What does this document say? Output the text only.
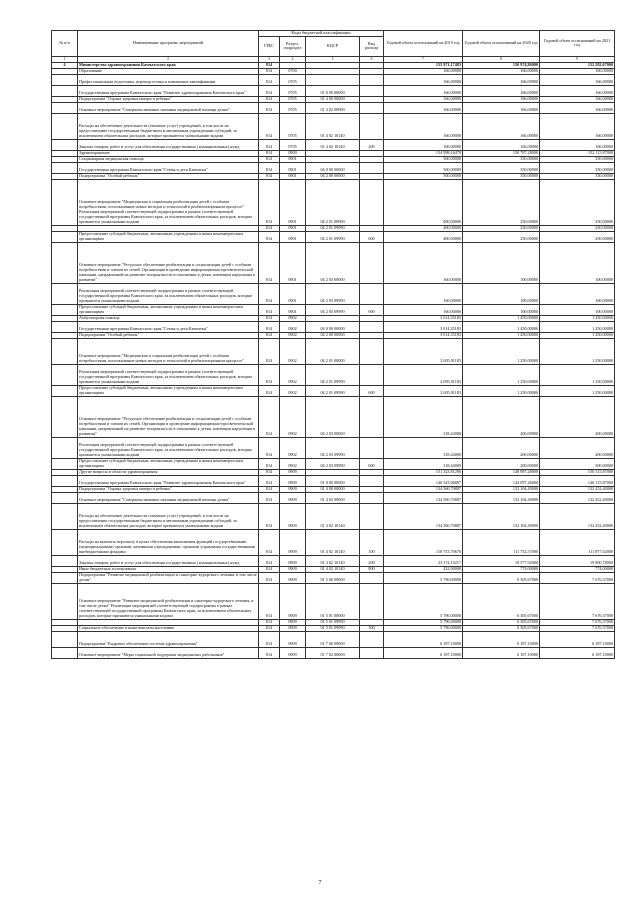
№ п/п	Наименование программ, мероприятий	Коды бюджетной классификации				Годовой объем ассигнований на 2019 год	Годовой объем ассигнований на 2020 год	Годовой объем ассигнований на 2021 год
		ГРБС	Раздел, подраздел	КЦСР	Вид расхода			
1	2	3	4	5	6	7	8	9
4	Министерство здравоохранения Камчатского края	814				155 971,17483	150 974,86000	152 292,67000
	Образование	814	0700			166,00000	166,00000	166,00000
	Профессиональная подготовка, переподготовка и повышение квалификации	814	0705			166,00000	166,00000	166,00000
	Государственная программа Камчатского края "Развитие здравоохранения Камчатского края"	814	0705	01 0 00 00000		166,00000	166,00000	166,00000
	Подпрограмма "Охрана здоровья матери и ребенка"	814	0705	01 4 00 00000		166,00000	166,00000	166,00000
	Основное мероприятие "Совершенствование оказания медицинской помощи детям"	814	0705	01 4 02 00000		166,00000	166,00000	166,00000
	Расходы на обеспечение деятельности (оказание услуг) учреждений, в том числе на предоставление государственным бюджетным и автономным учреждениям субсидий, за исключением обязательных расходов, которые признаются уникальными кодами	814	0705	01 4 02 10140		166,00000	166,00000	166,00000
	Закупка товаров, работ и услуг для обеспечения государственных (муниципальных) нужд	814	0705	01 4 02 10140	200	166,00000	166,00000	166,00000
	Здравоохранение	814	0900			154 998,16479	150 787,28000	152 115,87000
	Стационарная медицинская помощь	814	0901			560,00000	350,00000	350,00000
	Государственная программа Камчатского края "Семья и дети Камчатки"	814	0901	04 0 00 00000		560,00000	350,00000	350,00000
	Подпрограмма "Особый ребенок"	814	0901	04 2 00 00000		560,00000	350,00000	350,00000
	Основное мероприятие "Медицинская и социальная реабилитация детей с особыми потребностями, использование новых методов и технологий в реабилитационном процессе" Реализация мероприятий соответствующей подпрограммы в рамках соответствующей государственной программы Камчатского края, за исключением обязательных расходов, которые признаются уникальными кодами	814	0901	04 2 01 00000		400,00000	250,00000	250,00000
		814	0901	04 2 01 09990		400,00000	250,00000	250,00000
	Предоставление субсидий бюджетным, автономным учреждениям и иным некоммерческим организациям	814	0901	04 2 01 09990	600	400,00000	250,00000	250,00000
	Основное мероприятие "Ресурсное обеспечение реабилитации и социализации детей с особыми потребностями и членов их семей. Организация и проведение информационно-просветительской кампании, направленной на развитие толерантности в отношении к детям, имеющим нарушения в развитии"	814	0901	04 2 03 00000		160,00000	100,00000	100,00000
	Реализация мероприятий соответствующей подпрограммы в рамках соответствующей государственной программы Камчатского края, за исключением обязательных расходов, которые признаются уникальными кодами	814	0901	04 2 03 09990		160,00000	100,00000	100,00000
	Предоставление субсидий бюджетным, автономным учреждениям и иным некоммерческим организациям	814	0901	04 2 03 09990	600	160,00000	100,00000	100,00000
	Амбулаторная помощь	814	0902			3 014,35183	1 450,00000	1 450,00000
	Государственная программа Камчатского края "Семья и дети Камчатки"	814	0902	04 0 00 00000		3 014,35183	1 450,00000	1 450,00000
	Подпрограмма "Особый ребенок"	814	0902	04 2 00 00000		3 014,35183	1 450,00000	1 450,00000
	Основное мероприятие "Медицинская и социальная реабилитация детей с особыми потребностями, использование новых методов и технологий в реабилитационном процессе"	814	0902	04 2 01 00000		2 695,91183	1 250,00000	1 250,00000
	Реализация мероприятий соответствующей подпрограммы в рамках соответствующей государственной программы Камчатского края, за исключением обязательных расходов, которые признаются уникальными кодами	814	0902	04 2 01 09990		2 695,91183	1 250,00000	1 250,00000
	Предоставление субсидий бюджетным, автономным учреждениям и иным некоммерческим организациям	814	0902	04 2 01 09990	600	2 695,91183	1 250,00000	1 250,00000
	Основное мероприятие "Ресурсное обеспечение реабилитации и социализации детей с особыми потребностями и членов их семей. Организация и проведение информационно-просветительской кампании, направленной на развитие толерантности в отношении к детям, имеющим нарушения в развитии"	814	0902	04 2 03 00000		318,44000	200,00000	200,00000
	Реализация мероприятий соответствующей подпрограммы в рамках соответствующей государственной программы Камчатского края, за исключением обязательных расходов, которые признаются уникальными кодами	814	0902	04 2 03 09990		318,44000	200,00000	200,00000
	Предоставление субсидий бюджетным, автономным учреждениям и иным некоммерческим организациям	814	0902	04 2 03 09990	600	318,44000	200,00000	200,00000
	Другие вопросы в области здравоохранения	814	0909			151 323,81296	148 987,28000	150 315,87000
	Государственная программа Камчатского края "Развитие здравоохранения Камчатского края"	814	0909	01 0 00 00000		146 543,96887	144 097,26000	146 315,87000
	Подпрограмма "Охрана здоровья матери и ребенка"	814	0909	01 4 00 00000		134 560,70887	132 104,49000	132 452,40000
	Основное мероприятие "Совершенствование оказания медицинской помощи детям"	814	0909	01 4 02 00000		134 560,70887	132 104,49000	132 452,40000
	Расходы на обеспечение деятельности (оказание услуг) учреждений, в том числе на предоставление государственным бюджетным и автономным учреждениям субсидий, за исключением обязательных расходов, которые признаются уникальными кодами	814	0909	01 4 02 10140		134 560,70887	132 104,49000	132 452,40000
	Расходы на выплаты персоналу в целях обеспечения выполнения функций государственными (муниципальными) органами, казенными учреждениями, органами управления государственными внебюджетными фондами	814	0909	01 4 02 10140	100	110 753,70670	111 752,57000	111 877,62000
	Закупка товаров, работ и услуг для обеспечения государственных (муниципальных) нужд	814	0909	01 4 02 10140	200	23 374,10217	19 577,92000	19 800,78000
	Иные бюджетные ассигнования	814	0909	01 4 02 10140	800	432,90000	774,00000	774,00000
	Подпрограмма "Развитие медицинской реабилитации и санаторно-курортного лечения, в том числе детям"	814	0909	01 5 00 00000		5 796,00000	6 305,67000	7 676,37000
	Основное мероприятие "Развитие медицинской реабилитации и санаторно-курортного лечения, в том числе детям" Реализация мероприятий соответствующей подпрограммы в рамках соответствующей государственной программы Камчатского края, за исключением обязательных расходов, которые признаются уникальными кодами	814	0909	01 5 01 00000		5 796,00000	6 305,67000	7 676,37000
		814	0909	01 5 01 09990		5 796,00000	6 305,67000	7 676,37000
	Социальное обеспечение и иные выплаты населению	814	0909	01 5 01 09990	300	5 796,00000	6 305,67000	7 676,37000
	Подпрограмма "Кадровое обеспечение системы здравоохранения"	814	0909	01 7 00 00000		6 187,10000	6 187,10000	6 187,10000
	Основное мероприятие "Меры социальной поддержки медицинских работников"	814	0909	01 7 02 00000		6 187,10000	6 187,10000	6 187,10000
7
